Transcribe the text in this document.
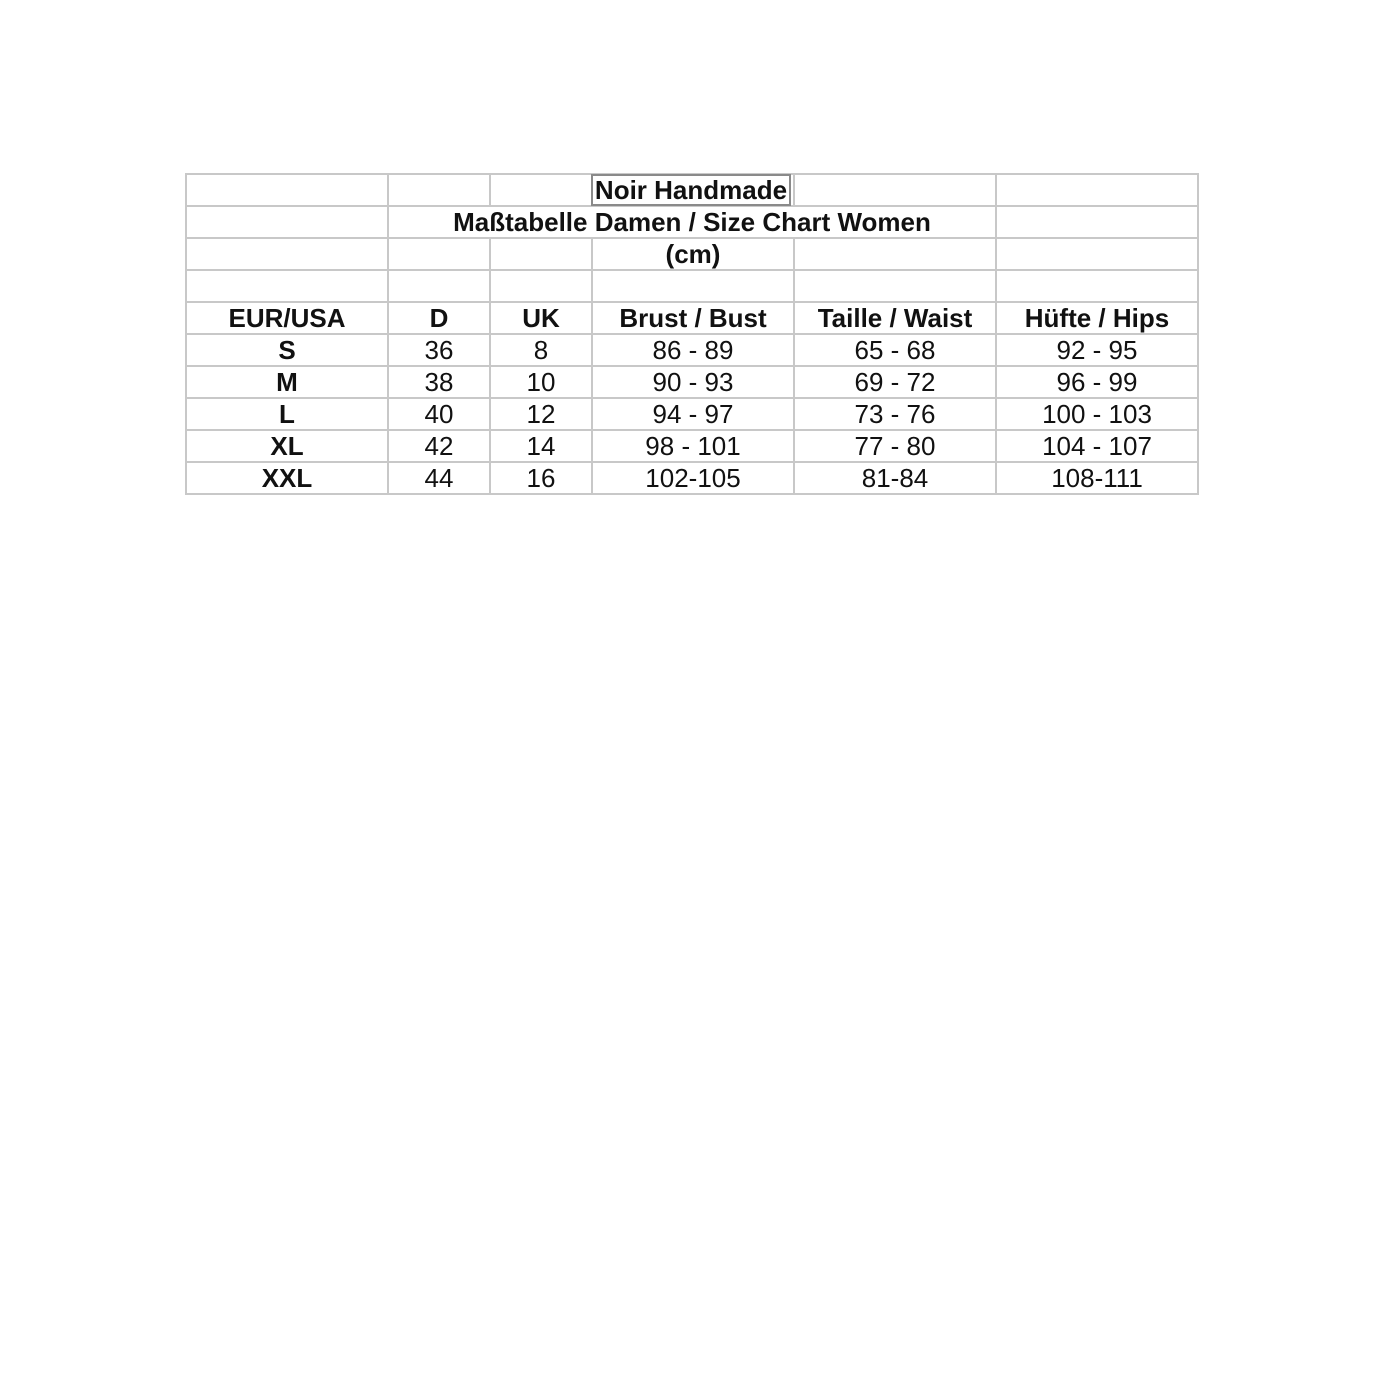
	Maßtabelle Damen / Size Chart Women				
			(cm)		

EUR/USA	D	UK	Brust / Bust	Taille / Waist	Hüfte / Hips
S	36	8	86 - 89	65 - 68	92 - 95
M	38	10	90 - 93	69 - 72	96 - 99
L	40	12	94 - 97	73 - 76	100 - 103
XL	42	14	98 - 101	77 - 80	104 - 107
XXL	44	16	102-105	81-84	108-111
Noir Handmade
